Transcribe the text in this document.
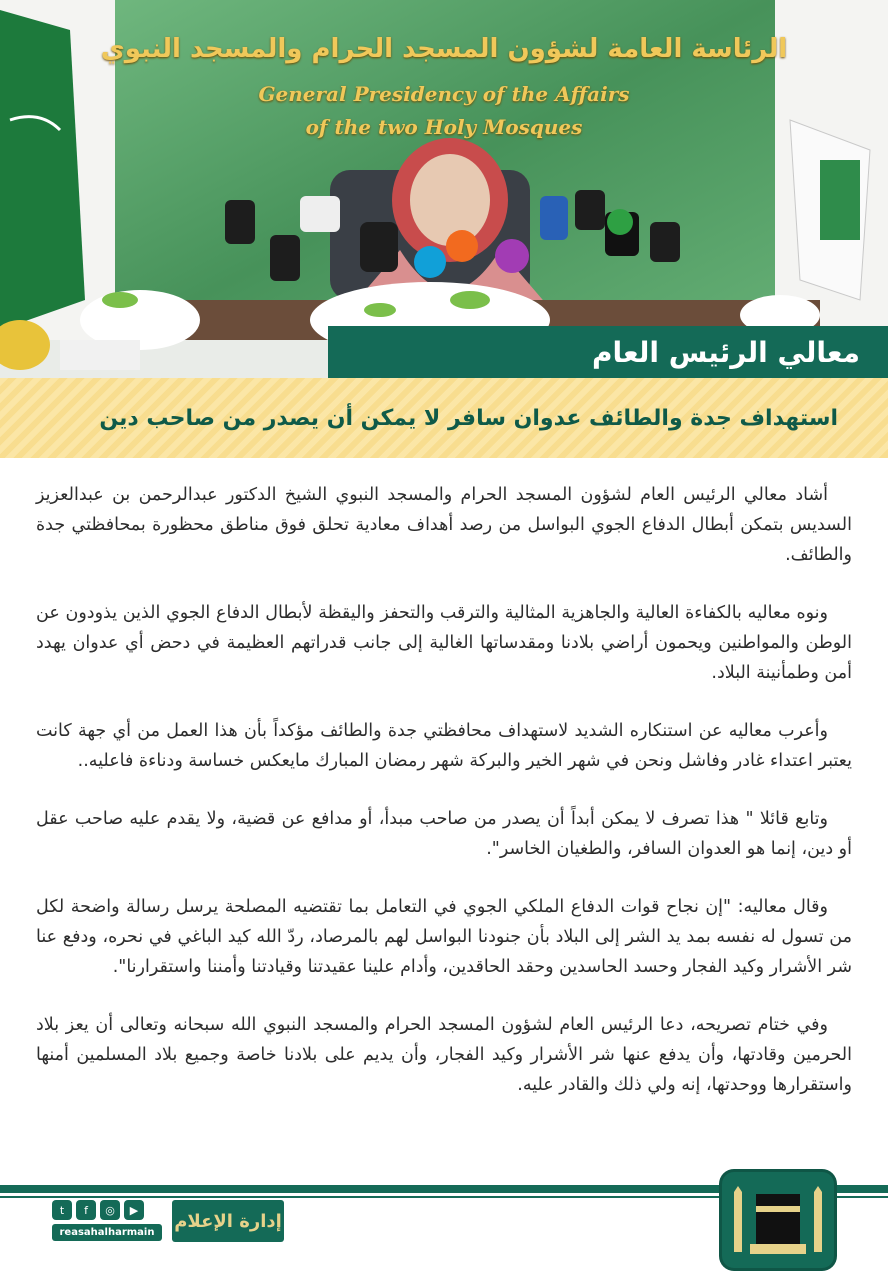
الرئاسة العامة لشؤون المسجد الحرام والمسجد النبوي
General Presidency of the Affairs
of the two Holy Mosques
معالي الرئيس العام
استهداف جدة والطائف عدوان سافر لا يمكن أن يصدر من صاحب دين

أشاد معالي الرئيس العام لشؤون المسجد الحرام والمسجد النبوي الشيخ الدكتور عبدالرحمن بن عبدالعزيز السديس بتمكن أبطال الدفاع الجوي البواسل من رصد أهداف معادية تحلق فوق مناطق محظورة بمحافظتي جدة والطائف.

ونوه معاليه بالكفاءة العالية والجاهزية المثالية والترقب والتحفز واليقظة لأبطال الدفاع الجوي الذين يذودون عن الوطن والمواطنين ويحمون أراضي بلادنا ومقدساتها الغالية إلى جانب قدراتهم العظيمة في دحض أي عدوان يهدد أمن وطمأنينة البلاد.

وأعرب معاليه عن استنكاره الشديد لاستهداف محافظتي جدة والطائف مؤكداً بأن هذا العمل من أي جهة كانت يعتبر اعتداء غادر وفاشل ونحن في شهر الخير والبركة شهر رمضان المبارك مايعكس خساسة ودناءة فاعليه..

وتابع قائلا " هذا تصرف لا يمكن أبداً أن يصدر من صاحب مبدأ، أو مدافع عن قضية، ولا يقدم عليه صاحب عقل أو دين، إنما هو العدوان السافر، والطغيان الخاسر".

وقال معاليه: "إن نجاح قوات الدفاع الملكي الجوي في التعامل بما تقتضيه المصلحة يرسل رسالة واضحة لكل من تسول له نفسه بمد يد الشر إلى البلاد بأن جنودنا البواسل لهم بالمرصاد، ردّ الله كيد الباغي في نحره، ودفع عنا شر الأشرار وكيد الفجار وحسد الحاسدين وحقد الحاقدين، وأدام علينا عقيدتنا وقيادتنا وأمننا واستقرارنا".

وفي ختام تصريحه، دعا الرئيس العام لشؤون المسجد الحرام والمسجد النبوي الله سبحانه وتعالى أن يعز بلاد الحرمين وقادتها، وأن يدفع عنها شر الأشرار وكيد الفجار، وأن يديم على بلادنا خاصة وجميع بلاد المسلمين أمنها واستقرارها ووحدتها، إنه ولي ذلك والقادر عليه.

t	f	◎	▶
reasahalharmain
إدارة الإعلام
